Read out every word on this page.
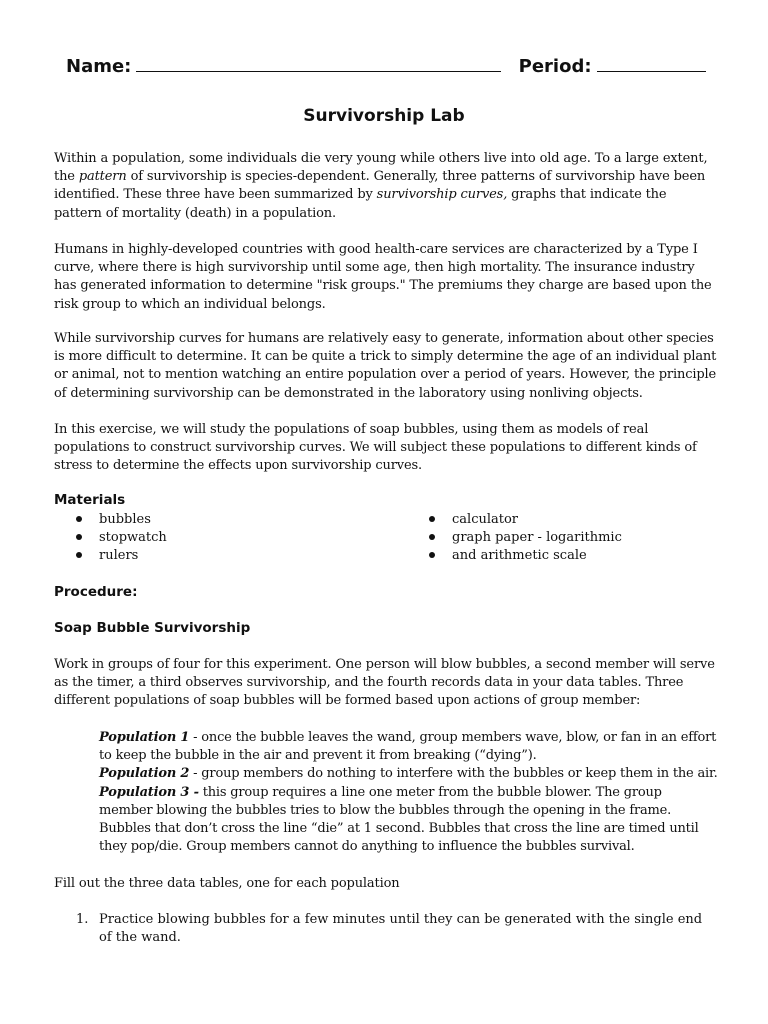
Name:	Period:
Survivorship Lab

Within a population, some individuals die very young while others live into old age. To a large extent, the pattern of survivorship is species-dependent. Generally, three patterns of survivorship have been identified. These three have been summarized by survivorship curves, graphs that indicate the pattern of mortality (death) in a population.

Humans in highly-developed countries with good health-care services are characterized by a Type I curve, where there is high survivorship until some age, then high mortality. The insurance industry has generated information to determine "risk groups." The premiums they charge are based upon the risk group to which an individual belongs.

While survivorship curves for humans are relatively easy to generate, information about other species is more difficult to determine. It can be quite a trick to simply determine the age of an individual plant or animal, not to mention watching an entire population over a period of years. However, the principle of determining survivorship can be demonstrated in the laboratory using nonliving objects.

In this exercise, we will study the populations of soap bubbles, using them as models of real populations to construct survivorship curves. We will subject these populations to different kinds of stress to determine the effects upon survivorship curves.

Materials
bubbles
stopwatch
rulers
calculator
graph paper - logarithmic
and arithmetic scale
Procedure:
Soap Bubble Survivorship

Work in groups of four for this experiment. One person will blow bubbles, a second member will serve as the timer, a third observes survivorship, and the fourth records data in your data tables. Three different populations of soap bubbles will be formed based upon actions of group member:

Population 1 - once the bubble leaves the wand, group members wave, blow, or fan in an effort to keep the bubble in the air and prevent it from breaking (“dying”).

Population 2 - group members do nothing to interfere with the bubbles or keep them in the air.

Population 3 - this group requires a line one meter from the bubble blower. The group member blowing the bubbles tries to blow the bubbles through the opening in the frame. Bubbles that don’t cross the line “die” at 1 second. Bubbles that cross the line are timed until they pop/die. Group members cannot do anything to influence the bubbles survival.

Fill out the three data tables, one for each population

1. Practice blowing bubbles for a few minutes until they can be generated with the single end of the wand.
